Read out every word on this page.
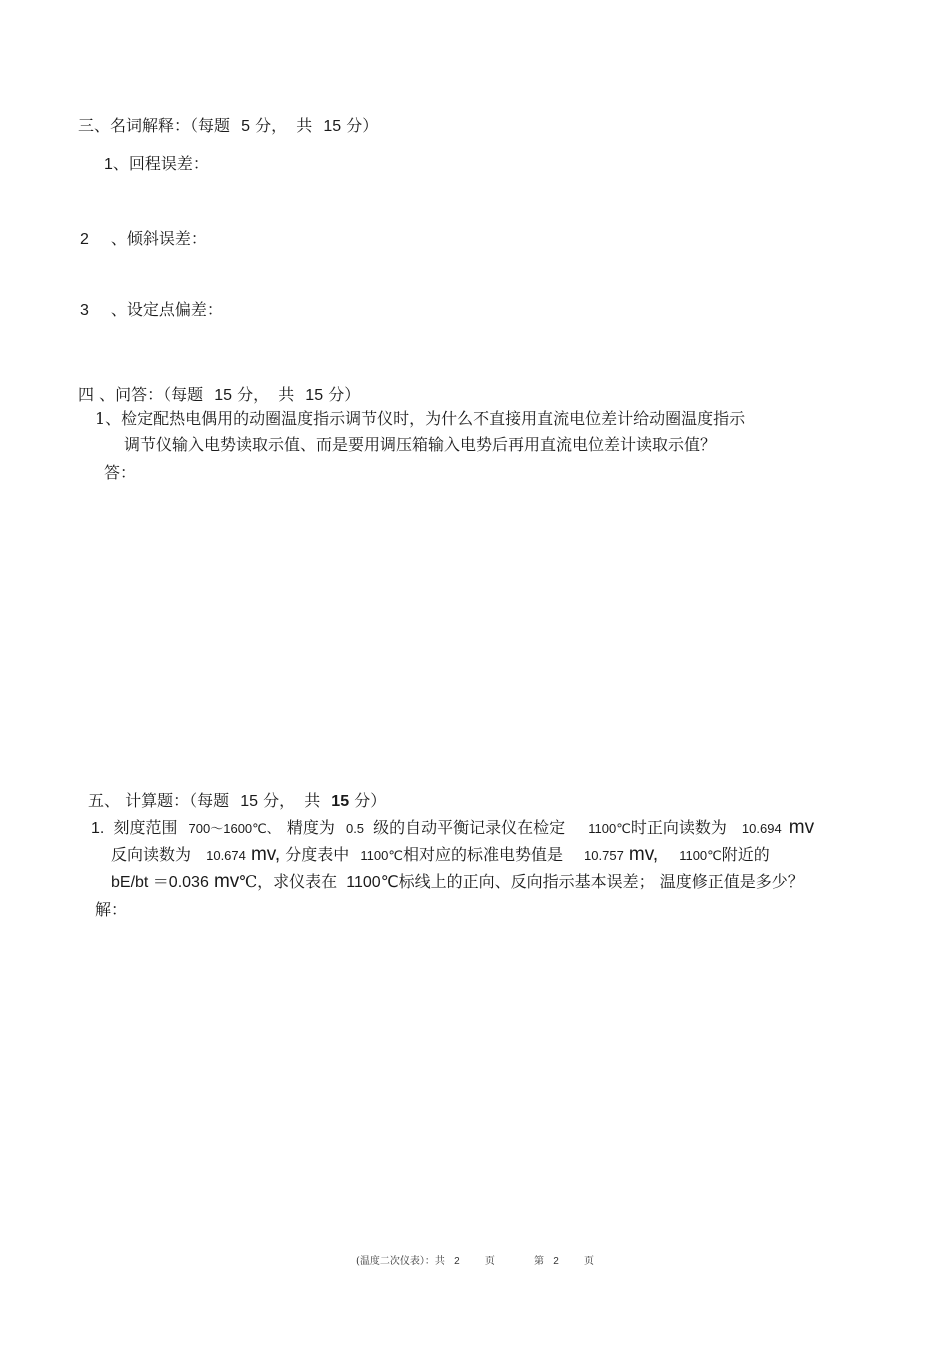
三、名词解释：（每题 5 分， 共 15 分）
1、回程误差：
2 、倾斜误差：
3 、设定点偏差：
四 、问答：（每题 15 分， 共 15 分）
1、检定配热电偶用的动圈温度指示调节仪时，为什么不直接用直流电位差计给动圈温度指示
调节仪输入电势读取示值、而是要用调压箱输入电势后再用直流电位差计读取示值？
答：
五、 计算题：（每题 15 分， 共 15 分）
1. 刻度范围 700～1600℃、 精度为 0.5 级的自动平衡记录仪在检定 1100℃时正向读数为 10.694 mv
反向读数为 10.674 mv, 分度表中 1100℃相对应的标准电势值是 10.757 mv, 1100℃附近的
bE/bt ＝0.036 mv℃，求仪表在 1100℃标线上的正向、反向指示基本误差； 温度修正值是多少？
解：
(温度二次仪表）：共 2	页	第 2	页
